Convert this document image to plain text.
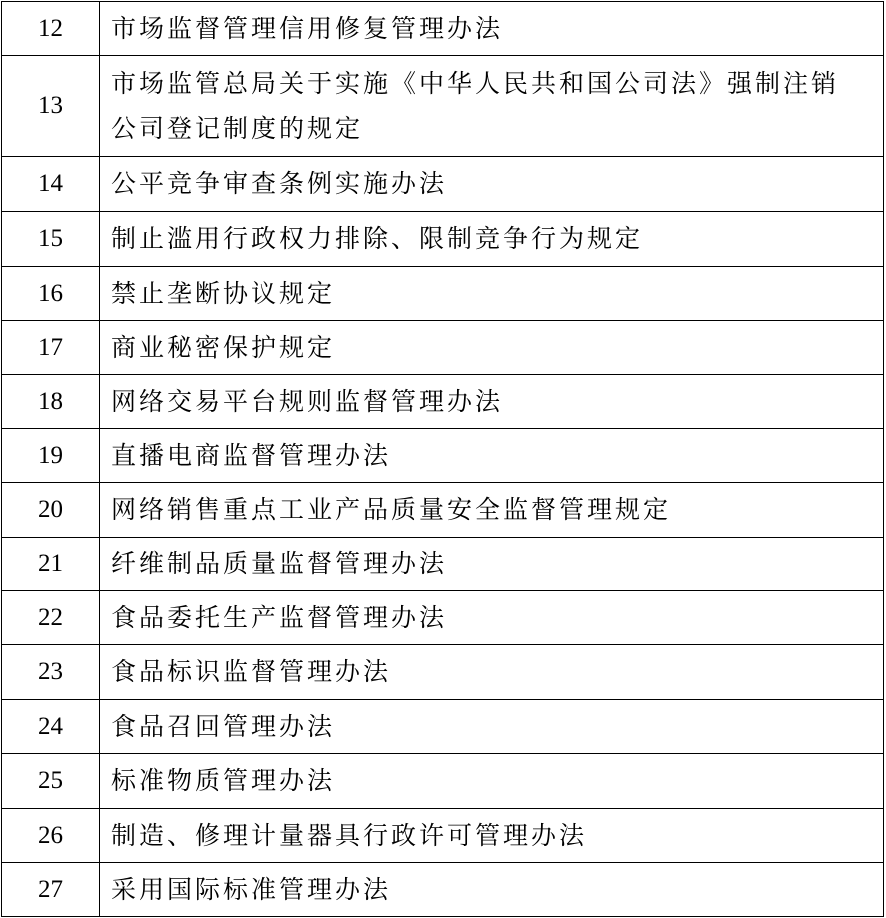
12	市场监督管理信用修复管理办法
13	市场监管总局关于实施《中华人民共和国公司法》强制注销
公司登记制度的规定

14	公平竞争审查条例实施办法
15	制止滥用行政权力排除、限制竞争行为规定
16	禁止垄断协议规定
17	商业秘密保护规定
18	网络交易平台规则监督管理办法
19	直播电商监督管理办法
20	网络销售重点工业产品质量安全监督管理规定
21	纤维制品质量监督管理办法
22	食品委托生产监督管理办法
23	食品标识监督管理办法
24	食品召回管理办法
25	标准物质管理办法
26	制造、修理计量器具行政许可管理办法
27	采用国际标准管理办法
